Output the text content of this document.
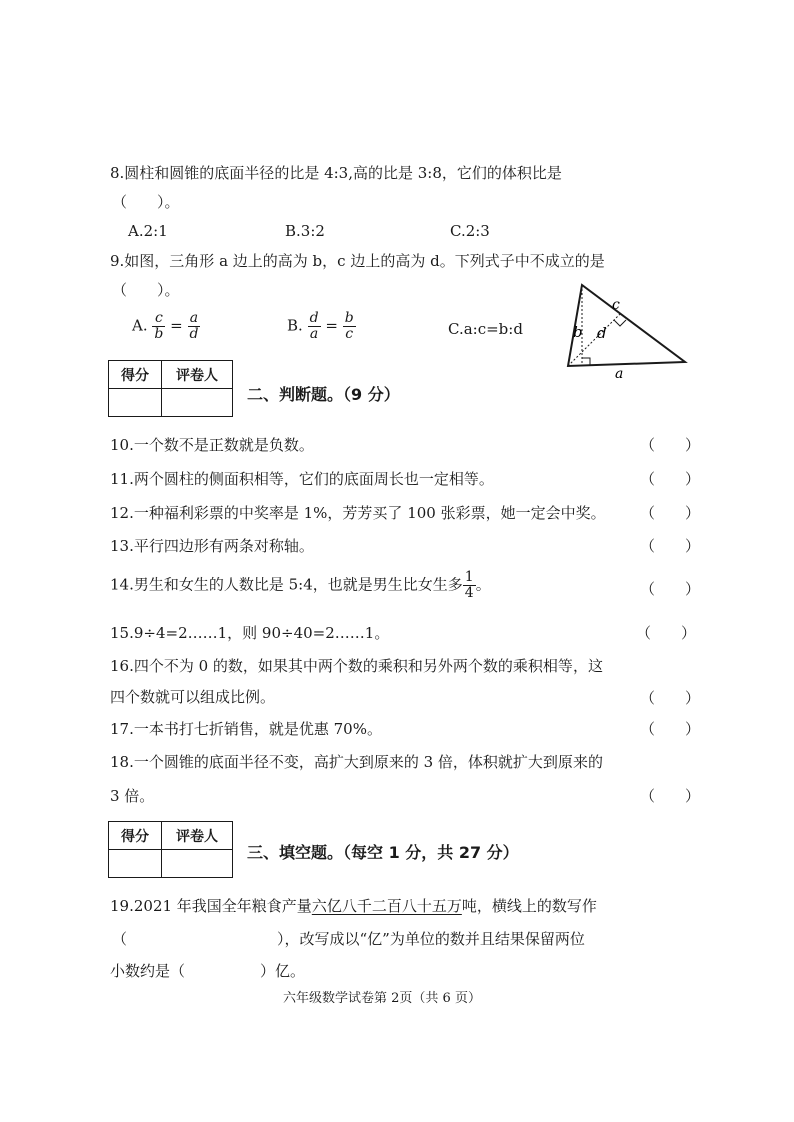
8.圆柱和圆锥的底面半径的比是 4:3,高的比是 3:8，它们的体积比是
（　　）。
A.2:1	B.3:2	C.2:3
9.如图，三角形 a 边上的高为 b，c 边上的高为 d。下列式子中不成立的是
（　　）。
A. $\frac{c}{b} = \frac{a}{d}$	B. $\frac{d}{a} = \frac{b}{c}$	C.a:c=b:d
c
b d
a
得分	评卷人

二、判断题。（9 分）
10.一个数不是正数就是负数。	（　　）
11.两个圆柱的侧面积相等，它们的底面周长也一定相等。	（　　）
12.一种福利彩票的中奖率是 1%，芳芳买了 100 张彩票，她一定会中奖。 （　　）
13.平行四边形有两条对称轴。	（　　）
14.男生和女生的人数比是 5:4，也就是男生比女生多 $\frac{1}{4}$ 。	（　　）
15.9÷4=2……1，则 90÷40=2……1。	（　　）
16.四个不为 0 的数，如果其中两个数的乘积和另外两个数的乘积相等，这
四个数就可以组成比例。	（　　）
17.一本书打七折销售，就是优惠 70%。	（　　）
18.一个圆锥的底面半径不变，高扩大到原来的 3 倍，体积就扩大到原来的
3 倍。	（　　）
得分	评卷人

三、填空题。（每空 1 分，共 27 分）
19.2021 年我国全年粮食产量六亿八千二百八十五万吨，横线上的数写作
（　　　　　　　　　　），改写成以“亿”为单位的数并且结果保留两位
小数约是（　　　　　）亿。
六年级数学试卷第 2页（共 6 页）
